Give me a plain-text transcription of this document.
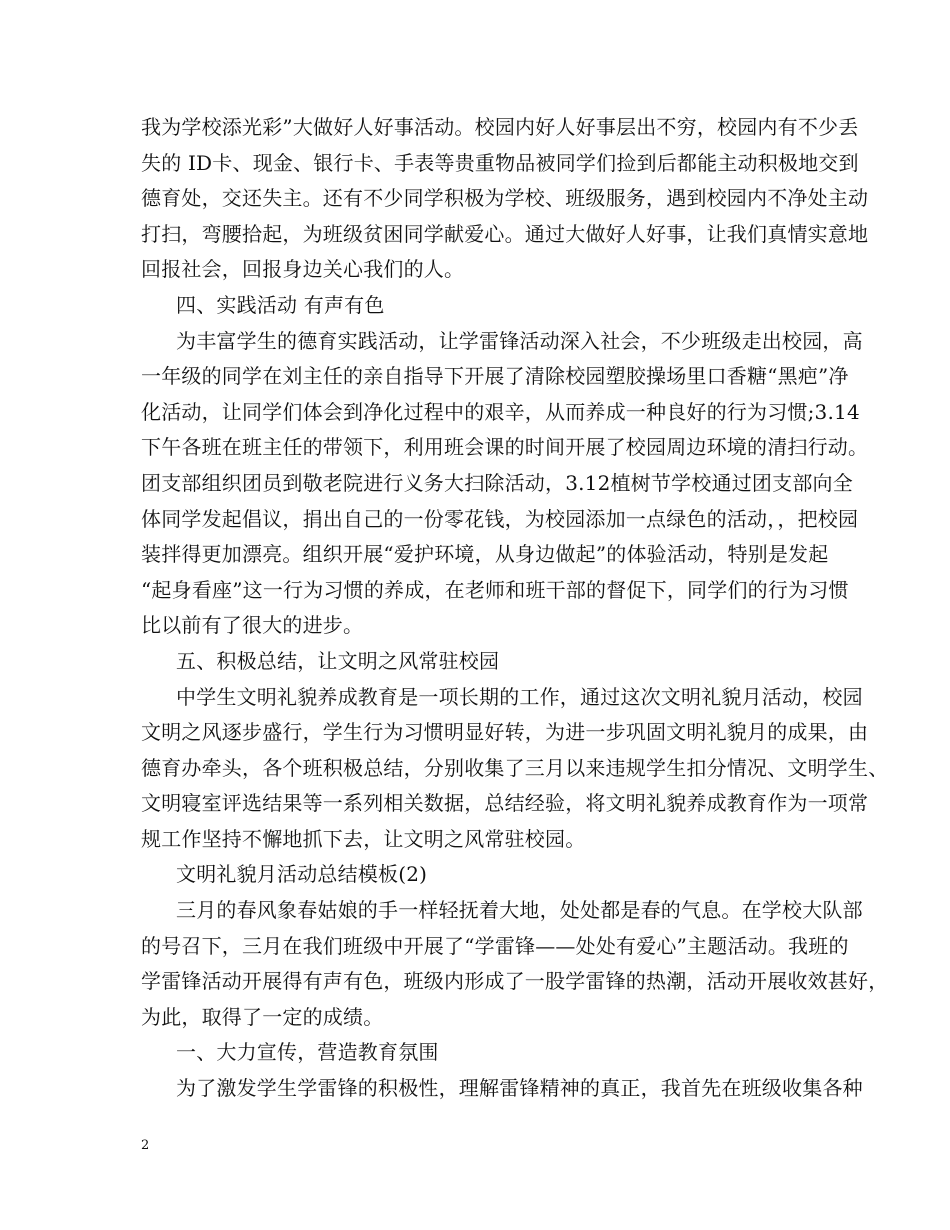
我为学校添光彩”大做好人好事活动。校园内好人好事层出不穷，校园内有不少丢
失的 ID卡、现金、银行卡、手表等贵重物品被同学们捡到后都能主动积极地交到
德育处，交还失主。还有不少同学积极为学校、班级服务，遇到校园内不净处主动
打扫，弯腰拾起，为班级贫困同学献爱心。通过大做好人好事，让我们真情实意地
回报社会，回报身边关心我们的人。
四、实践活动 有声有色
为丰富学生的德育实践活动，让学雷锋活动深入社会，不少班级走出校园，高
一年级的同学在刘主任的亲自指导下开展了清除校园塑胶操场里口香糖“黑疤”净
化活动，让同学们体会到净化过程中的艰辛，从而养成一种良好的行为习惯;3.14
下午各班在班主任的带领下，利用班会课的时间开展了校园周边环境的清扫行动。
团支部组织团员到敬老院进行义务大扫除活动，3.12植树节学校通过团支部向全
体同学发起倡议，捐出自己的一份零花钱，为校园添加一点绿色的活动，，把校园
装拌得更加漂亮。组织开展“爱护环境，从身边做起”的体验活动，特别是发起
“起身看座”这一行为习惯的养成，在老师和班干部的督促下，同学们的行为习惯
比以前有了很大的进步。
五、积极总结，让文明之风常驻校园
中学生文明礼貌养成教育是一项长期的工作，通过这次文明礼貌月活动，校园
文明之风逐步盛行，学生行为习惯明显好转，为进一步巩固文明礼貌月的成果，由
德育办牵头，各个班积极总结，分别收集了三月以来违规学生扣分情况、文明学生、
文明寝室评选结果等一系列相关数据，总结经验，将文明礼貌养成教育作为一项常
规工作坚持不懈地抓下去，让文明之风常驻校园。
文明礼貌月活动总结模板(2)
三月的春风象春姑娘的手一样轻抚着大地，处处都是春的气息。在学校大队部
的号召下，三月在我们班级中开展了“学雷锋——处处有爱心”主题活动。我班的
学雷锋活动开展得有声有色，班级内形成了一股学雷锋的热潮，活动开展收效甚好，
为此，取得了一定的成绩。
一、大力宣传，营造教育氛围
为了激发学生学雷锋的积极性，理解雷锋精神的真正，我首先在班级收集各种
2
